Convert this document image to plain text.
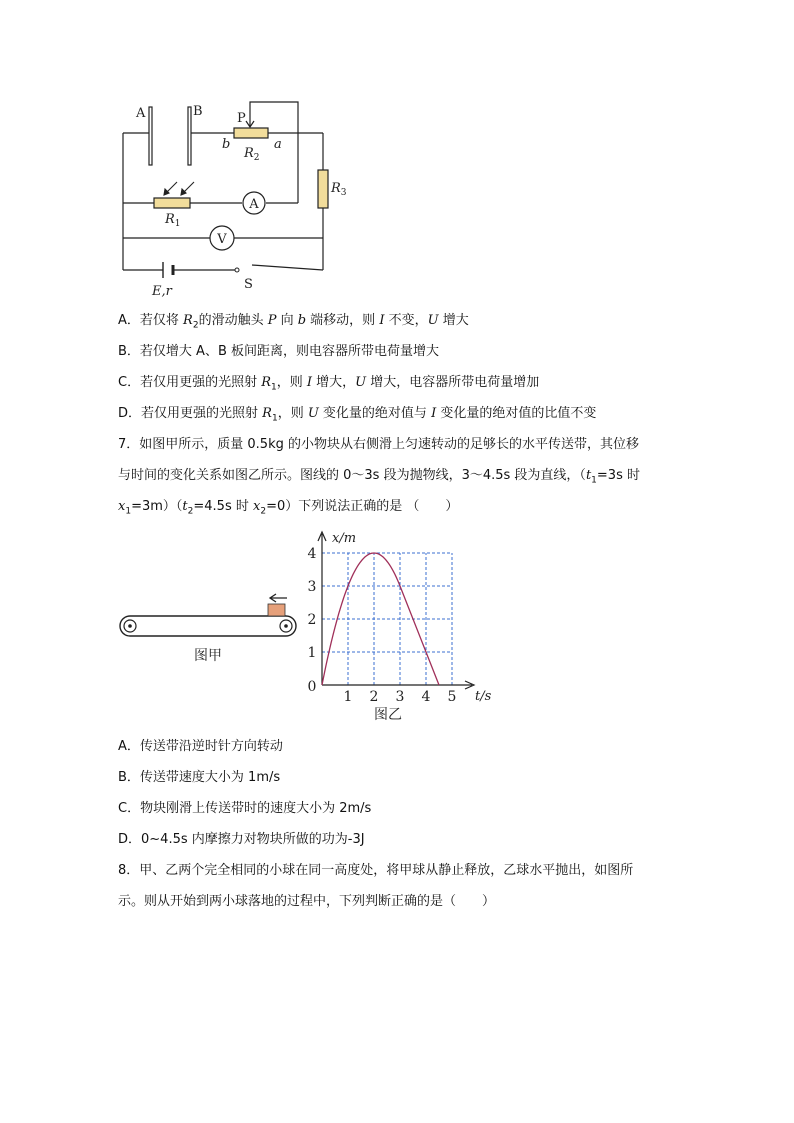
A
V
A	B	P
b	a
$R_2$
$R_3$
$R_1$
E,r	S
A．若仅将 $R_2$的滑动触头 P 向 b 端移动，则 I 不变，U 增大
B．若仅增大 A、B 板间距离，则电容器所带电荷量增大
C．若仅用更强的光照射 $R_1$，则 I 增大，U 增大，电容器所带电荷量增加
D．若仅用更强的光照射 $R_1$，则 U 变化量的绝对值与 I 变化量的绝对值的比值不变
7．如图甲所示，质量 0.5kg 的小物块从右侧滑上匀速转动的足够长的水平传送带，其位移
与时间的变化关系如图乙所示。图线的 0～3s 段为抛物线，3～4.5s 段为直线，（$t_1=3s$ 时
$x_1=3m)(t_2=4.5s$ 时 $x_2=0$）下列说法正确的是 （　　）
图甲
1 2 3 4 5
1
2
3
4
0
x/m
t/s
图乙
A．传送带沿逆时针方向转动
B．传送带速度大小为 1m/s
C．物块刚滑上传送带时的速度大小为 2m/s
D．0~4.5s 内摩擦力对物块所做的功为-3J
8．甲、乙两个完全相同的小球在同一高度处，将甲球从静止释放，乙球水平抛出，如图所
示。则从开始到两小球落地的过程中，下列判断正确的是（　　）
